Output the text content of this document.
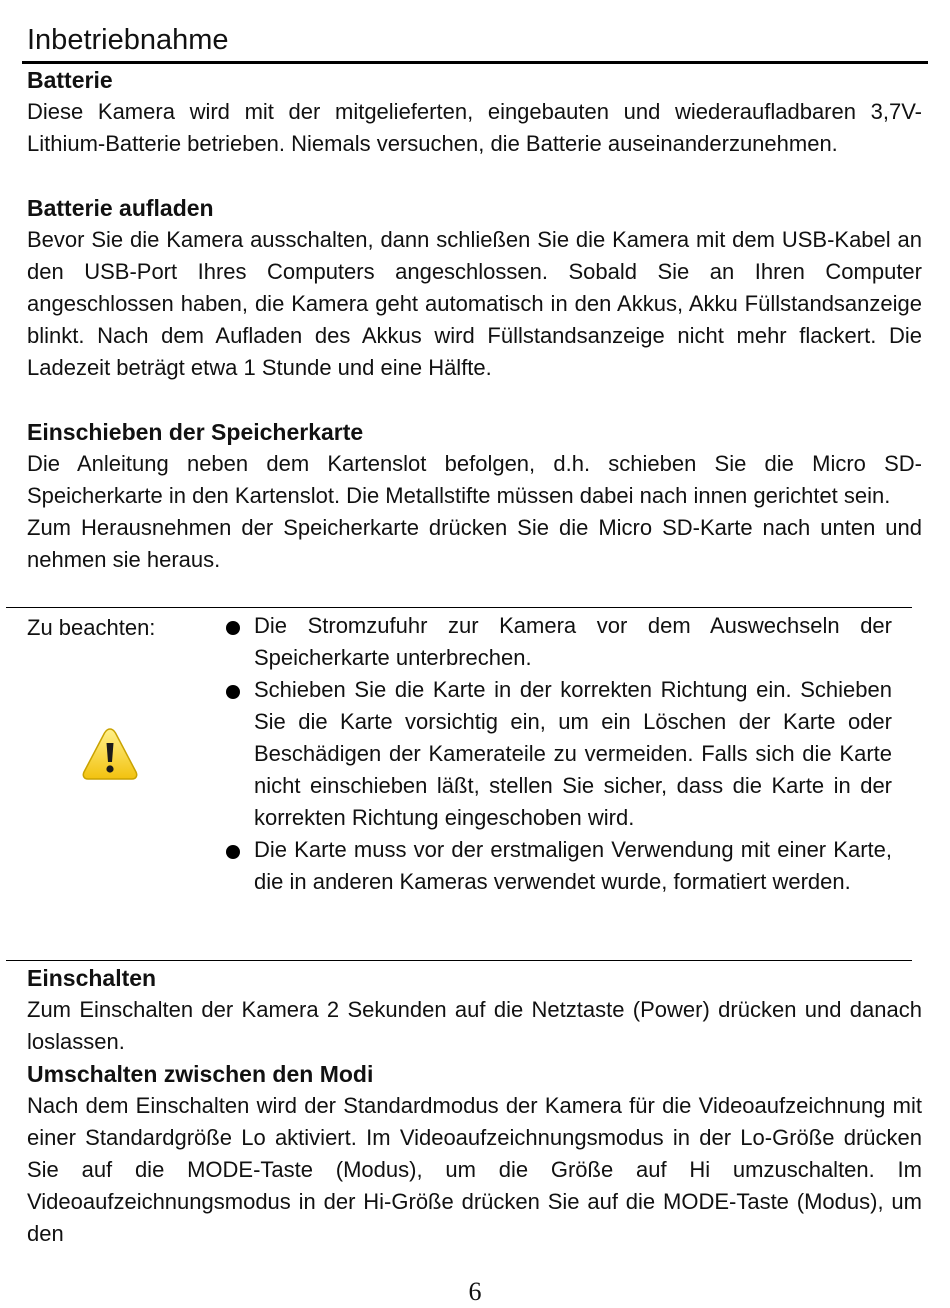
Inbetriebnahme
Batterie
Diese Kamera wird mit der mitgelieferten, eingebauten und wiederaufladbaren 3,7V-Lithium-Batterie betrieben. Niemals versuchen, die Batterie auseinanderzunehmen.
Batterie aufladen
Bevor Sie die Kamera ausschalten, dann schließen Sie die Kamera mit dem USB-Kabel an den USB-Port Ihres Computers angeschlossen. Sobald Sie an Ihren Computer angeschlossen haben, die Kamera geht automatisch in den Akkus, Akku Füllstandsanzeige blinkt. Nach dem Aufladen des Akkus wird Füllstandsanzeige nicht mehr flackert. Die Ladezeit beträgt etwa 1 Stunde und eine Hälfte.
Einschieben der Speicherkarte
Die Anleitung neben dem Kartenslot befolgen, d.h. schieben Sie die Micro SD-Speicherkarte in den Kartenslot. Die Metallstifte müssen dabei nach innen gerichtet sein.
Zum Herausnehmen der Speicherkarte drücken Sie die Micro SD-Karte nach unten und nehmen sie heraus.
Zu beachten:	Die Stromzufuhr zur Kamera vor dem Auswechseln der Speicherkarte unterbrechen.
Schieben Sie die Karte in der korrekten Richtung ein. Schieben Sie die Karte vorsichtig ein, um ein Löschen der Karte oder Beschädigen der Kamerateile zu vermeiden. Falls sich die Karte nicht einschieben läßt, stellen Sie sicher, dass die Karte in der korrekten Richtung eingeschoben wird.
Die Karte muss vor der erstmaligen Verwendung mit einer Karte, die in anderen Kameras verwendet wurde, formatiert werden.
Einschalten
Zum Einschalten der Kamera 2 Sekunden auf die Netztaste (Power) drücken und danach loslassen.
Umschalten zwischen den Modi
Nach dem Einschalten wird der Standardmodus der Kamera für die Videoaufzeichnung mit einer Standardgröße Lo aktiviert. Im Videoaufzeichnungsmodus in der Lo-Größe drücken Sie auf die MODE-Taste (Modus), um die Größe auf Hi umzuschalten. Im Videoaufzeichnungsmodus in der Hi-Größe drücken Sie auf die MODE-Taste (Modus), um den
6
